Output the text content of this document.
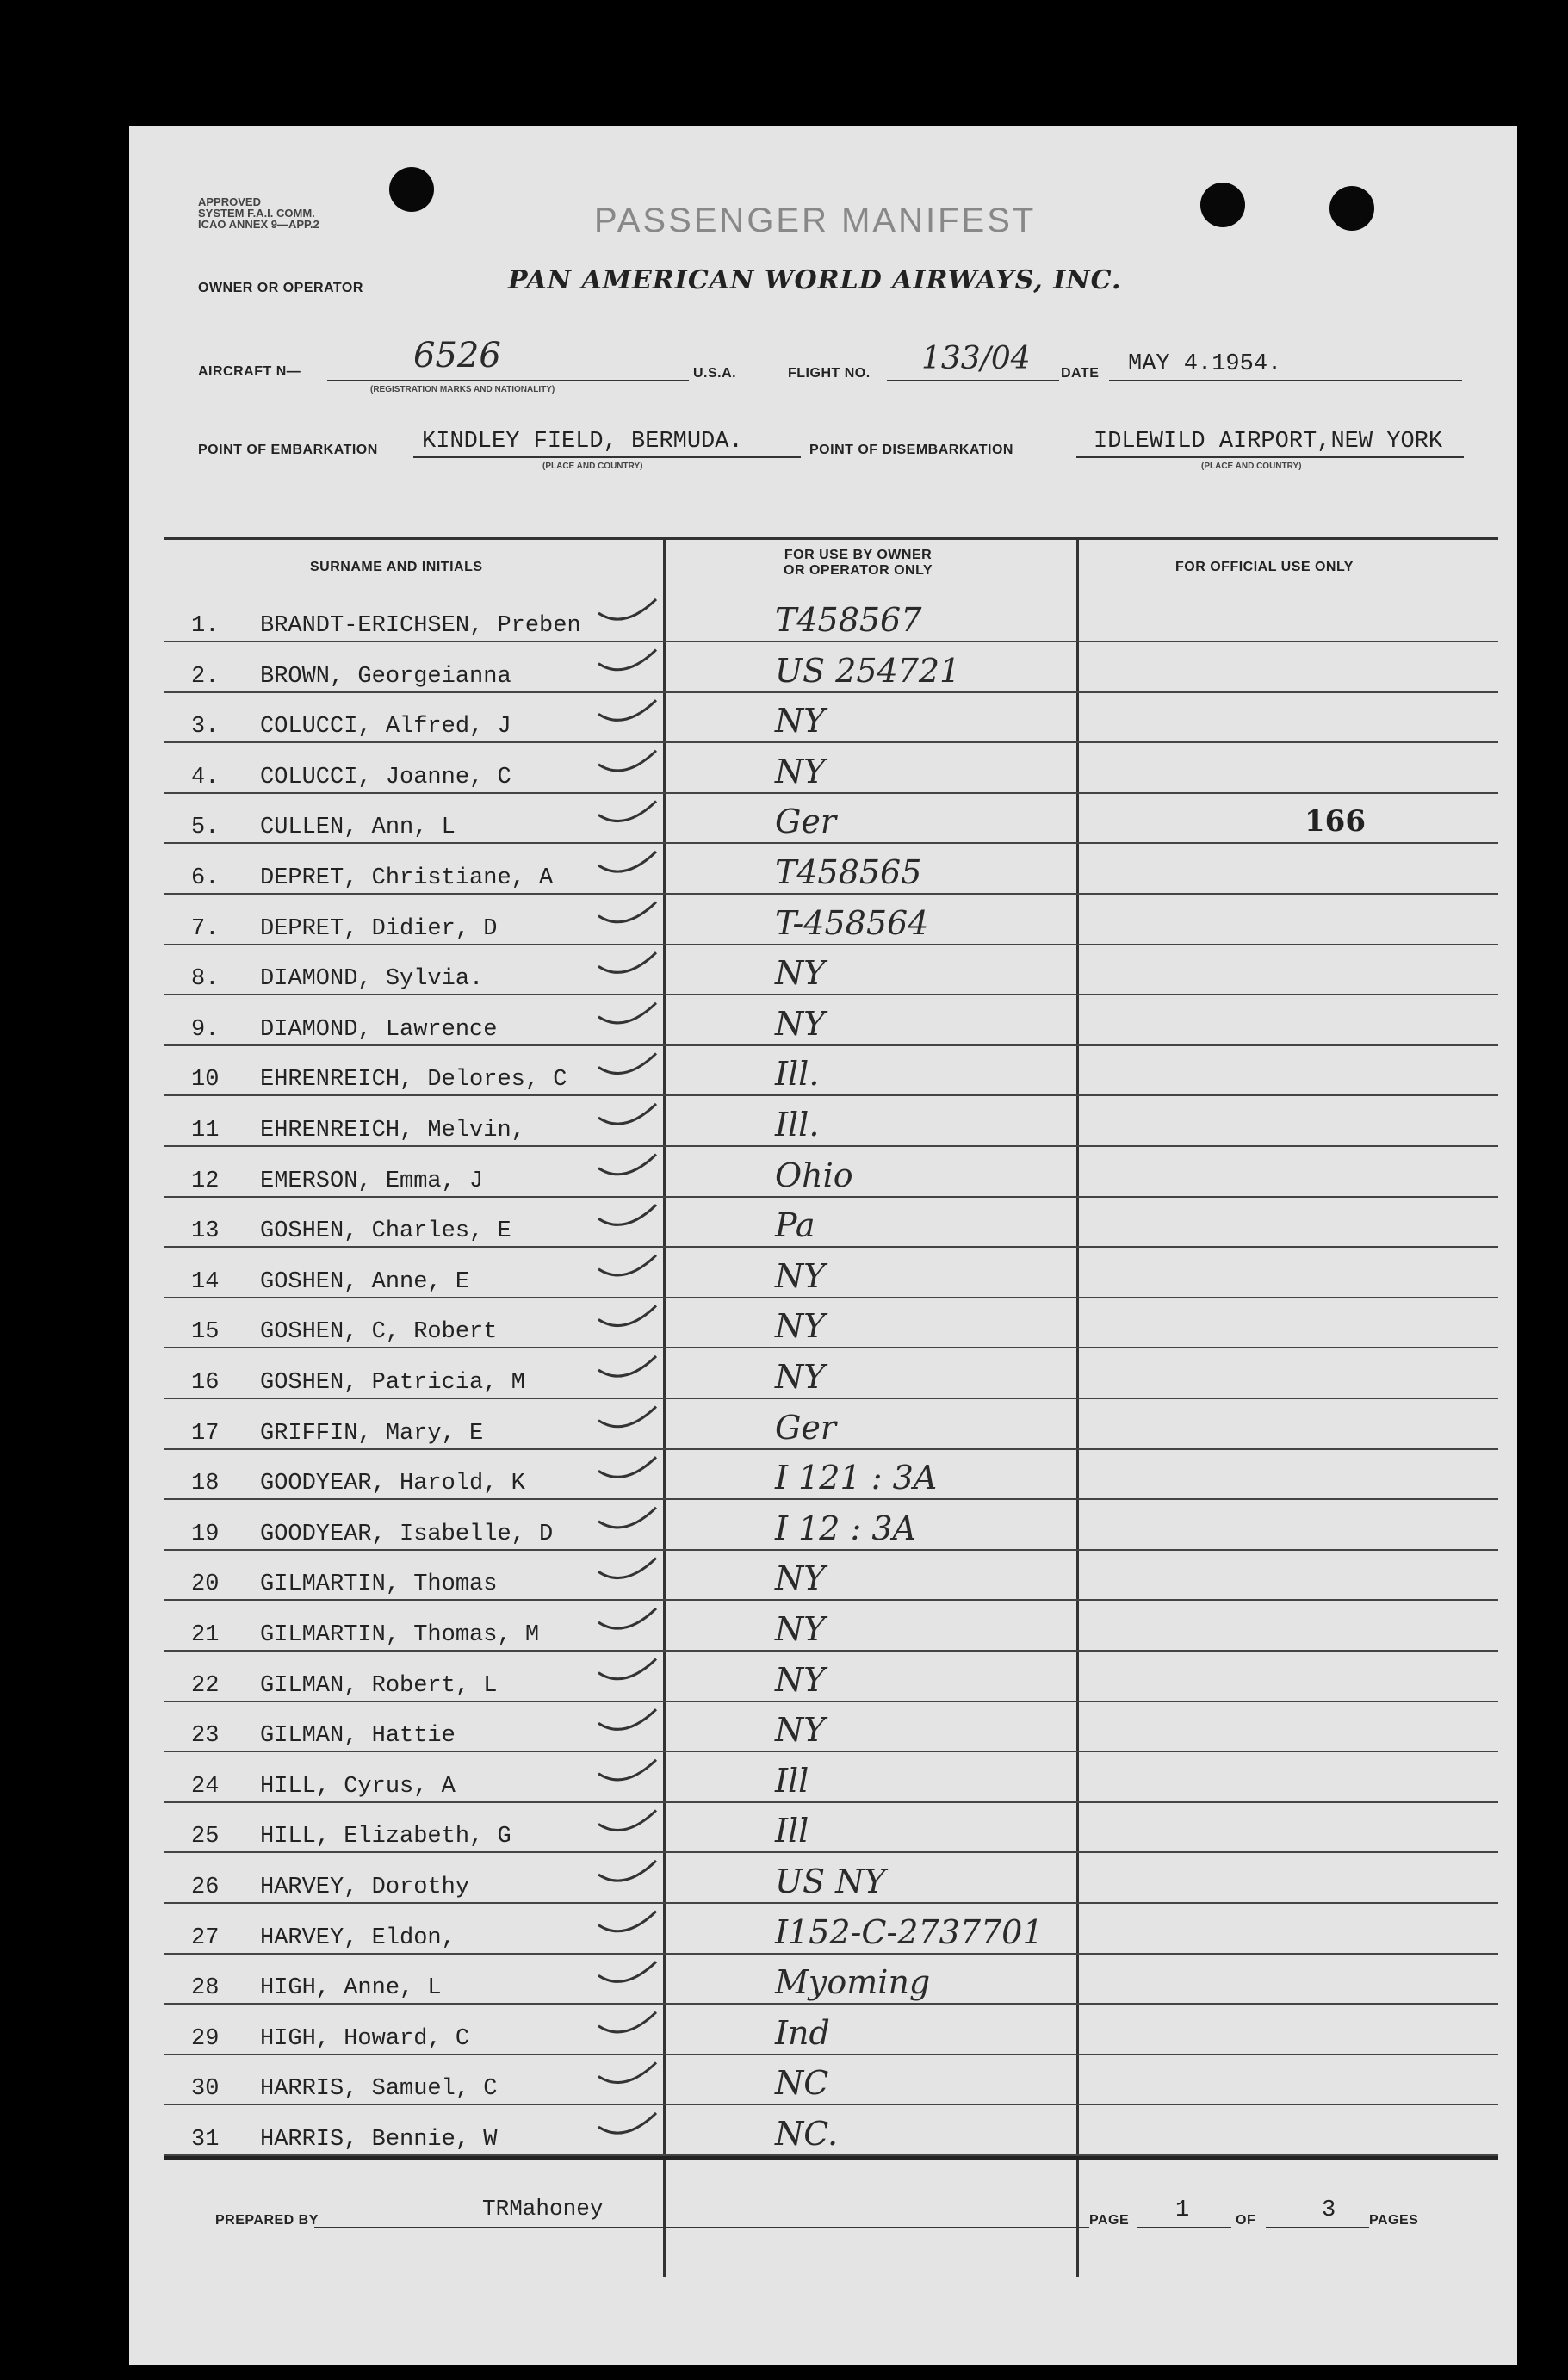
APPROVED
SYSTEM F.A.I. COMM.
ICAO ANNEX 9—APP.2	PASSENGER MANIFEST
OWNER OR OPERATOR	PAN AMERICAN WORLD AIRWAYS, INC.
AIRCRAFT N—	6526
(REGISTRATION MARKS AND NATIONALITY)
U.S.A.	FLIGHT NO. 133/04 DATE MAY 4.1954.
POINT OF EMBARKATION KINDLEY FIELD, BERMUDA.
(PLACE AND COUNTRY)
POINT OF DISEMBARKATION	IDLEWILD AIRPORT,NEW YORK
(PLACE AND COUNTRY)
SURNAME AND INITIALS
FOR USE BY OWNER
OR OPERATOR ONLY	FOR OFFICIAL USE ONLY
1. BRANDT-ERICHSEN, Preben	T458567
2. BROWN, Georgeianna	US 254721
3. COLUCCI, Alfred, J	NY
4. COLUCCI, Joanne, C	NY
5. CULLEN, Ann, L	Ger	166
6. DEPRET, Christiane, A	T458565
7. DEPRET, Didier, D	T-458564
8. DIAMOND, Sylvia.	NY
9. DIAMOND, Lawrence	NY
10 EHRENREICH, Delores, C	Ill.
11 EHRENREICH, Melvin,	Ill.
12 EMERSON, Emma, J	Ohio
13 GOSHEN, Charles, E	Pa
14 GOSHEN, Anne, E	NY
15 GOSHEN, C, Robert	NY
16 GOSHEN, Patricia, M	NY
17 GRIFFIN, Mary, E	Ger
18 GOODYEAR, Harold, K	I 121 : 3A
19 GOODYEAR, Isabelle, D	I 12 : 3A
20 GILMARTIN, Thomas	NY
21 GILMARTIN, Thomas, M	NY
22 GILMAN, Robert, L	NY
23 GILMAN, Hattie	NY
24 HILL, Cyrus, A	Ill
25 HILL, Elizabeth, G	Ill
26 HARVEY, Dorothy	US NY
27 HARVEY, Eldon,	I152-C-2737701
28 HIGH, Anne, L	Myoming
29 HIGH, Howard, C	Ind
30 HARRIS, Samuel, C	NC
31 HARRIS, Bennie, W	NC.
PREPARED BY	TRMahoney	PAGE 1	OF	3 PAGES
